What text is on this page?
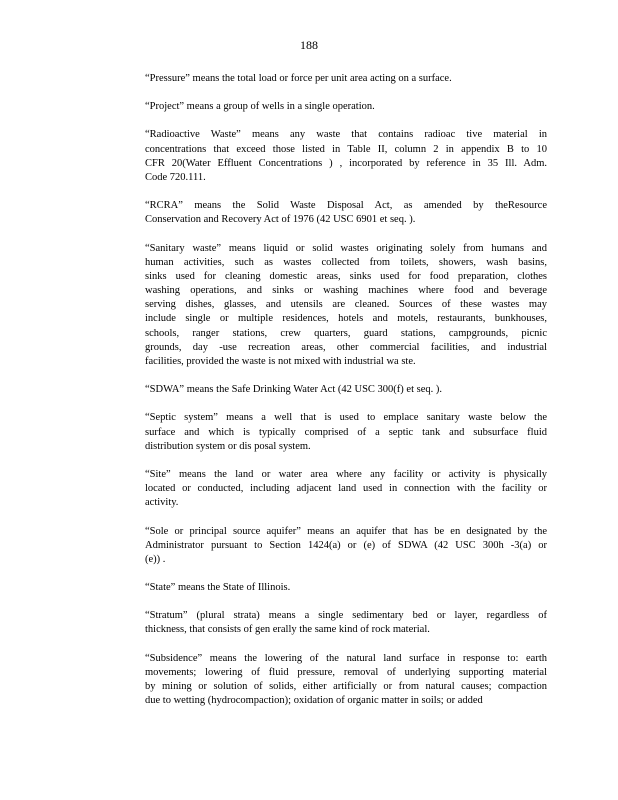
188
“Pressure” means the total load or force per unit area acting on a surface.
“Project” means a group of wells in a single operation.
“Radioactive Waste” means any waste that contains radioac tive material in
concentrations that exceed those listed in Table II, column 2 in appendix B to 10
CFR 20(Water Effluent Concentrations ) , incorporated by reference in 35 Ill. Adm.
Code 720.111.
“RCRA” means the Solid Waste Disposal Act, as amended by theResource
Conservation and Recovery Act of 1976 (42 USC 6901 et seq. ).
“Sanitary waste” means liquid or solid wastes originating solely from humans and
human activities, such as wastes collected from toilets, showers, wash basins,
sinks used for cleaning domestic areas, sinks used for food preparation, clothes
washing operations, and sinks or washing machines where food and beverage
serving dishes, glasses, and utensils are cleaned. Sources of these wastes may
include single or multiple residences, hotels and motels, restaurants, bunkhouses,
schools, ranger stations, crew quarters, guard stations, campgrounds, picnic
grounds, day -use recreation areas, other commercial facilities, and industrial
facilities, provided the waste is not mixed with industrial wa ste.
“SDWA” means the Safe Drinking Water Act (42 USC 300(f) et seq. ).
“Septic system” means a well that is used to emplace sanitary waste below the
surface and which is typically comprised of a septic tank and subsurface fluid
distribution system or dis posal system.
“Site” means the land or water area where any facility or activity is physically
located or conducted, including adjacent land used in connection with the facility or
activity.
“Sole or principal source aquifer” means an aquifer that has be en designated by the
Administrator pursuant to Section 1424(a) or (e) of SDWA (42 USC 300h -3(a) or
(e)) .
“State” means the State of Illinois.
“Stratum” (plural strata) means a single sedimentary bed or layer, regardless of
thickness, that consists of gen erally the same kind of rock material.
“Subsidence” means the lowering of the natural land surface in response to: earth
movements; lowering of fluid pressure, removal of underlying supporting material
by mining or solution of solids, either artificially or from natural causes; compaction
due to wetting (hydrocompaction); oxidation of organic matter in soils; or added
